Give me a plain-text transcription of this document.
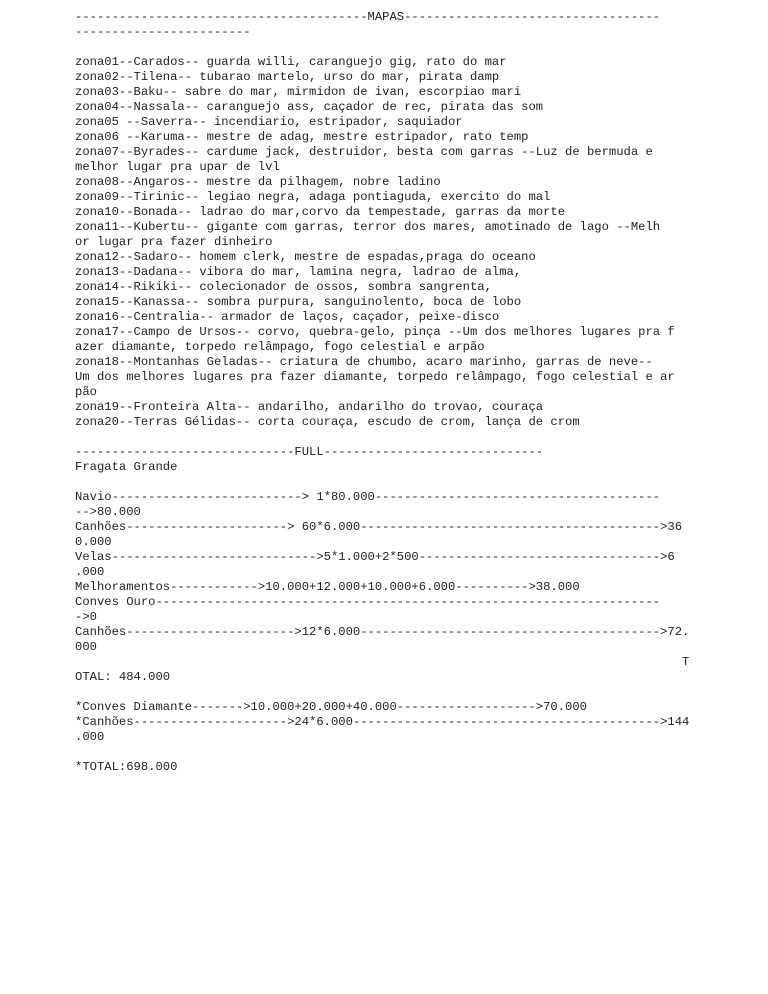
----------------------------------------MAPAS-----------------------------------
------------------------
zona01--Carados-- guarda willi, caranguejo gig, rato do mar
zona02--Tilena-- tubarao martelo, urso do mar, pirata damp
zona03--Baku-- sabre do mar, mirmidon de ivan, escorpiao mari
zona04--Nassala-- caranguejo ass, caçador de rec, pirata das som
zona05 --Saverra-- incendiario, estripador, saquiador
zona06 --Karuma-- mestre de adag, mestre estripador, rato temp
zona07--Byrades-- cardume jack, destruidor, besta com garras --Luz de bermuda e
melhor lugar pra upar de lvl
zona08--Angaros-- mestre da pilhagem, nobre ladino
zona09--Tirinic-- legiao negra, adaga pontiaguda, exercito do mal
zona10--Bonada-- ladrao do mar,corvo da tempestade, garras da morte
zona11--Kubertu-- gigante com garras, terror dos mares, amotinado de lago --Melh
or lugar pra fazer dinheiro
zona12--Sadaro-- homem clerk, mestre de espadas,praga do oceano
zona13--Dadana-- vibora do mar, lamina negra, ladrao de alma,
zona14--Rikiki-- colecionador de ossos, sombra sangrenta,
zona15--Kanassa-- sombra purpura, sanguinolento, boca de lobo
zona16--Centralia-- armador de laços, caçador, peixe-disco
zona17--Campo de Ursos-- corvo, quebra-gelo, pinça --Um dos melhores lugares pra f
azer diamante, torpedo relâmpago, fogo celestial e arpão
zona18--Montanhas Geladas-- criatura de chumbo, acaro marinho, garras de neve--
Um dos melhores lugares pra fazer diamante, torpedo relâmpago, fogo celestial e ar
pão
zona19--Fronteira Alta-- andarilho, andarilho do trovao, couraça
zona20--Terras Gélidas-- corta couraça, escudo de crom, lança de crom
------------------------------FULL------------------------------
Fragata Grande
Navio--------------------------> 1*80.000---------------------------------------
-->80.000
Canhões----------------------> 60*6.000----------------------------------------->36
0.000
Velas---------------------------->5*1.000+2*500--------------------------------->6
.000
Melhoramentos------------>10.000+12.000+10.000+6.000---------->38.000
Conves Ouro---------------------------------------------------------------------
->0
Canhões----------------------->12*6.000----------------------------------------->72.
000
T
OTAL: 484.000
*Conves Diamante------->10.000+20.000+40.000------------------->70.000
*Canhões--------------------->24*6.000------------------------------------------>144
.000
*TOTAL:698.000
